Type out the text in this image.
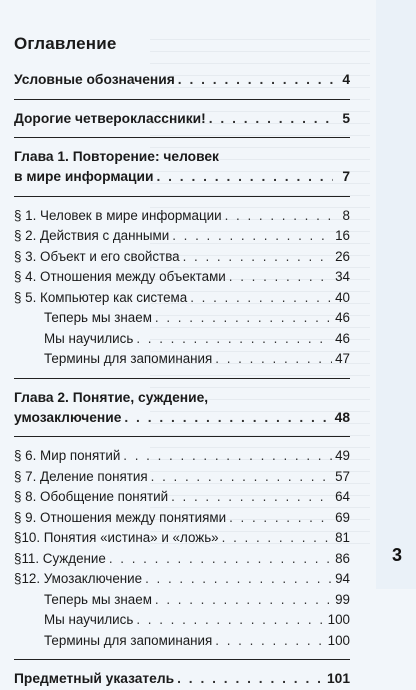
Оглавление
Условные обозначения . . .	4
Дорогие четвероклассники! . . .	5
Глава 1. Повторение: человек
в мире информации . . .	7
§ 1. Человек в мире информации . . .	8
§ 2. Действия с данными . . .	16
§ 3. Объект и его свойства . . .	26
§ 4. Отношения между объектами . . .	34
§ 5. Компьютер как система . . .	40
Теперь мы знаем . . .	46
Мы научились . . .	46
Термины для запоминания . . .	47
Глава 2. Понятие, суждение,
умозаключение . . .	48
§ 6. Мир понятий . . .	49
§ 7. Деление понятия . . .	57
§ 8. Обобщение понятий . . .	64
§ 9. Отношения между понятиями . . .	69
§10. Понятия «истина» и «ложь» . . .	81
§11. Суждение . . .	86
§12. Умозаключение . . .	94
Теперь мы знаем . . .	99
Мы научились . . .	100
Термины для запоминания . . .	100
Предметный указатель . . .	101
3
